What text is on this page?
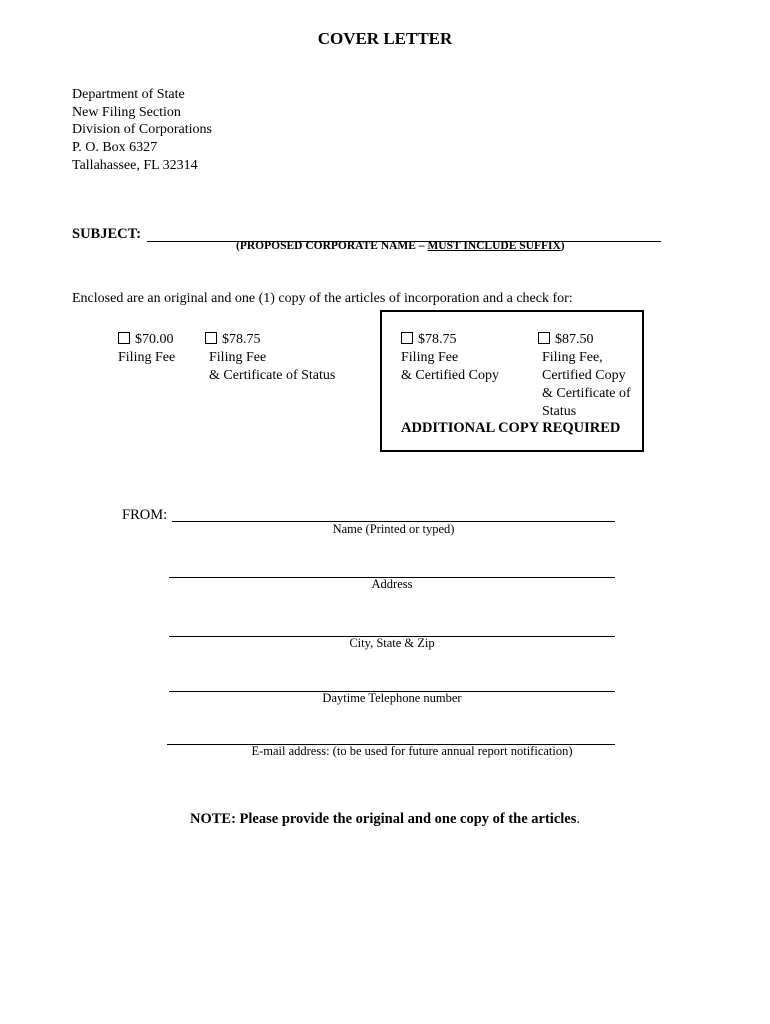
COVER LETTER
Department of State
New Filing Section
Division of Corporations
P. O. Box 6327
Tallahassee, FL 32314
SUBJECT:
(PROPOSED CORPORATE NAME – MUST INCLUDE SUFFIX)
Enclosed are an original and one (1) copy of the articles of incorporation and a check for:
$70.00
Filing Fee
$78.75
Filing Fee
& Certificate of Status
$78.75
Filing Fee
& Certified Copy
$87.50
Filing Fee,
Certified Copy
& Certificate of
Status
ADDITIONAL COPY REQUIRED
FROM:
Name (Printed or typed)
Address
City, State & Zip
Daytime Telephone number
E-mail address: (to be used for future annual report notification)
NOTE: Please provide the original and one copy of the articles.
